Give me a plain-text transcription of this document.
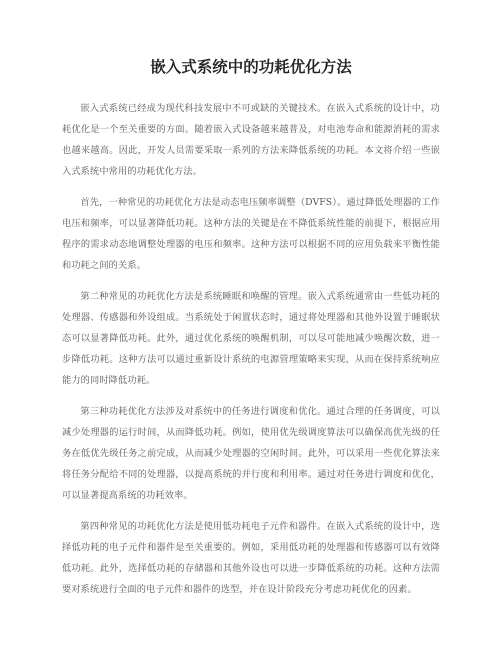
嵌入式系统中的功耗优化方法

嵌入式系统已经成为现代科技发展中不可或缺的关键技术。在嵌入式系统的设计中，功耗优化是一个至关重要的方面。随着嵌入式设备越来越普及，对电池寿命和能源消耗的需求也越来越高。因此，开发人员需要采取一系列的方法来降低系统的功耗。本文将介绍一些嵌入式系统中常用的功耗优化方法。

首先，一种常见的功耗优化方法是动态电压频率调整（DVFS）。通过降低处理器的工作电压和频率，可以显著降低功耗。这种方法的关键是在不降低系统性能的前提下，根据应用程序的需求动态地调整处理器的电压和频率。这种方法可以根据不同的应用负载来平衡性能和功耗之间的关系。

第二种常见的功耗优化方法是系统睡眠和唤醒的管理。嵌入式系统通常由一些低功耗的处理器、传感器和外设组成。当系统处于闲置状态时，通过将处理器和其他外设置于睡眠状态可以显著降低功耗。此外，通过优化系统的唤醒机制，可以尽可能地减少唤醒次数，进一步降低功耗。这种方法可以通过重新设计系统的电源管理策略来实现，从而在保持系统响应能力的同时降低功耗。

第三种功耗优化方法涉及对系统中的任务进行调度和优化。通过合理的任务调度，可以减少处理器的运行时间，从而降低功耗。例如，使用优先级调度算法可以确保高优先级的任务在低优先级任务之前完成，从而减少处理器的空闲时间。此外，可以采用一些优化算法来将任务分配给不同的处理器，以提高系统的并行度和利用率。通过对任务进行调度和优化，可以显著提高系统的功耗效率。

第四种常见的功耗优化方法是使用低功耗电子元件和器件。在嵌入式系统的设计中，选择低功耗的电子元件和器件是至关重要的。例如，采用低功耗的处理器和传感器可以有效降低功耗。此外，选择低功耗的存储器和其他外设也可以进一步降低系统的功耗。这种方法需要对系统进行全面的电子元件和器件的选型，并在设计阶段充分考虑功耗优化的因素。
